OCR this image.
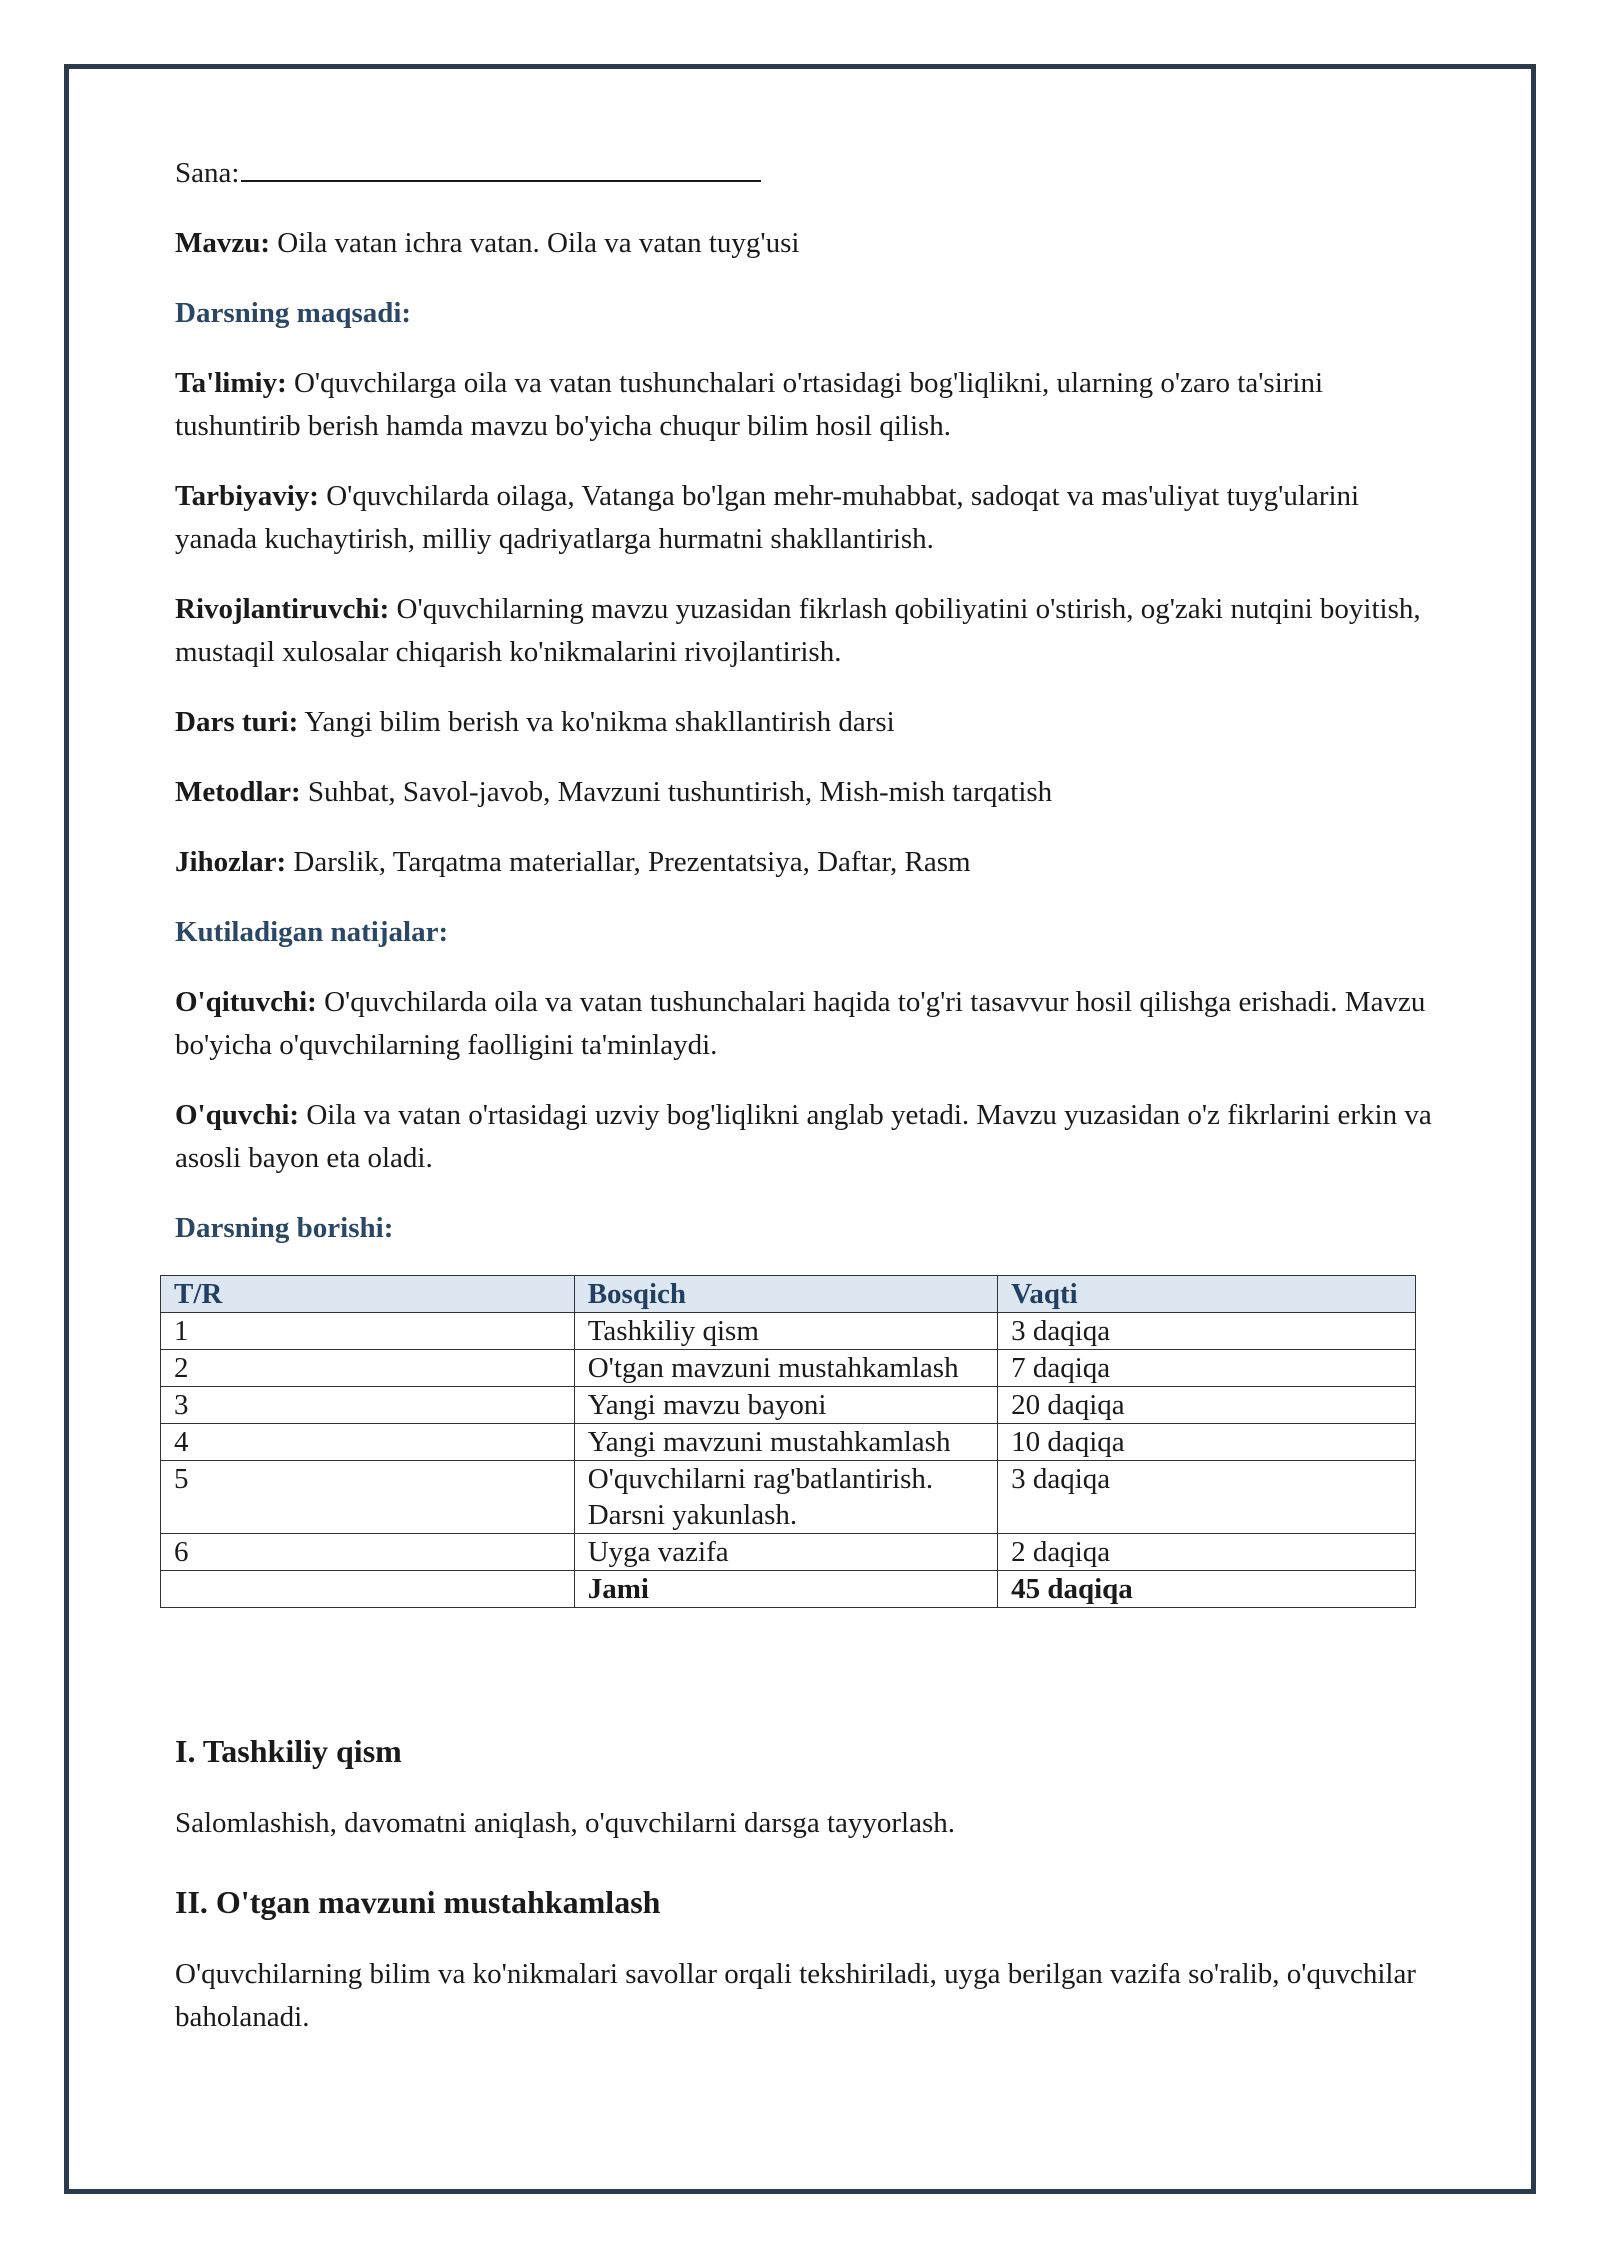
Sana:

Mavzu: Oila vatan ichra vatan. Oila va vatan tuyg'usi

Darsning maqsadi:

Ta'limiy: O'quvchilarga oila va vatan tushunchalari o'rtasidagi bog'liqlikni, ularning o'zaro ta'sirini tushuntirib berish hamda mavzu bo'yicha chuqur bilim hosil qilish.

Tarbiyaviy: O'quvchilarda oilaga, Vatanga bo'lgan mehr-muhabbat, sadoqat va mas'uliyat tuyg'ularini yanada kuchaytirish, milliy qadriyatlarga hurmatni shakllantirish.

Rivojlantiruvchi: O'quvchilarning mavzu yuzasidan fikrlash qobiliyatini o'stirish, og'zaki nutqini boyitish, mustaqil xulosalar chiqarish ko'nikmalarini rivojlantirish.

Dars turi: Yangi bilim berish va ko'nikma shakllantirish darsi

Metodlar: Suhbat, Savol-javob, Mavzuni tushuntirish, Mish-mish tarqatish

Jihozlar: Darslik, Tarqatma materiallar, Prezentatsiya, Daftar, Rasm

Kutiladigan natijalar:

O'qituvchi: O'quvchilarda oila va vatan tushunchalari haqida to'g'ri tasavvur hosil qilishga erishadi. Mavzu bo'yicha o'quvchilarning faolligini ta'minlaydi.

O'quvchi: Oila va vatan o'rtasidagi uzviy bog'liqlikni anglab yetadi. Mavzu yuzasidan o'z fikrlarini erkin va asosli bayon eta oladi.

Darsning borishi:

T/R	Bosqich	Vaqti
1	Tashkiliy qism	3 daqiqa
2	O'tgan mavzuni mustahkamlash	7 daqiqa
3	Yangi mavzu bayoni	20 daqiqa
4	Yangi mavzuni mustahkamlash	10 daqiqa
5	O'quvchilarni rag'batlantirish. Darsni yakunlash.	3 daqiqa
6	Uyga vazifa	2 daqiqa
	Jami	45 daqiqa

I. Tashkiliy qism

Salomlashish, davomatni aniqlash, o'quvchilarni darsga tayyorlash.

II. O'tgan mavzuni mustahkamlash

O'quvchilarning bilim va ko'nikmalari savollar orqali tekshiriladi, uyga berilgan vazifa so'ralib, o'quvchilar baholanadi.
